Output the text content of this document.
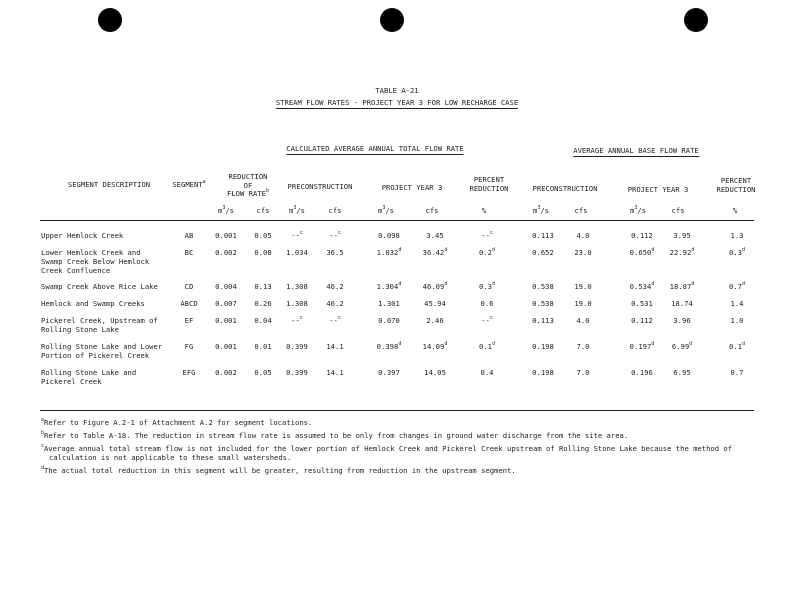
TABLE A-21
STREAM FLOW RATES - PROJECT YEAR 3 FOR LOW RECHARGE CASE
CALCULATED AVERAGE ANNUAL TOTAL FLOW RATE	AVERAGE ANNUAL BASE FLOW RATE
SEGMENT DESCRIPTION	SEGMENT$^a$
REDUCTION
OF
FLOW RATE$^b$	PRECONSTRUCTION	PROJECT YEAR 3
PERCENT
REDUCTION	PRECONSTRUCTION	PROJECT YEAR 3
PERCENT
REDUCTION
$m^3/s$	cfs	$m^3/s$	cfs	$m^3/s$	cfs	%	$m^3/s$	cfs	$m^3/s$	cfs	%
Upper Hemlock Creek	AB	0.001 0.05	--$^c$	--$^c$	0.098	3.45	--$^c$	0.113	4.0	0.112	3.95	1.3
Lower Hemlock Creek and
Swamp Creek Below Hemlock
Creek Confluence
BC	0.002 0.08 1.034	36.5	1.032$^d$	36.42$^d$	0.2$^d$	0.652	23.0	0.650$^d$ 22.92$^d$	0.3$^d$
Swamp Creek Above Rice Lake	CD	0.004 0.13 1.308	46.2	1.304$^d$	46.09$^d$	0.3$^d$	0.538	19.0	0.534$^d$ 18.87$^d$	0.7$^d$
Hemlock and Swamp Creeks	ABCD 0.007 0.26 1.308	46.2	1.301	45.94	0.6	0.538	19.0	0.531	18.74	1.4
Pickerel Creek, Upstream of
Rolling Stone Lake
EF	0.001 0.04	--$^c$	--$^c$	0.070	2.46	--$^c$	0.113	4.0	0.112	3.96	1.0
Rolling Stone Lake and Lower
Portion of Pickerel Creek
FG	0.001 0.01 0.399	14.1	0.398$^d$	14.09$^d$	0.1$^d$	0.198	7.0	0.197$^d$ 6.99$^d$	0.1$^d$
Rolling Stone Lake and
Pickerel Creek
EFG	0.002 0.05 0.399	14.1	0.397	14.05	0.4	0.198	7.0	0.196	6.95	0.7
$^a$Refer to Figure A.2-1 of Attachment A.2 for segment locations.
$^b$Refer to Table A-18. The reduction in stream flow rate is assumed to be only from changes in ground water discharge from the site area.
$^c$Average annual total stream flow is not included for the lower portion of Hemlock Creek and Pickerel Creek upstream of Rolling Stone Lake because the method of
calculation is not applicable to these small watersheds.
$^d$The actual total reduction in this segment will be greater, resulting from reduction in the upstream segment.
